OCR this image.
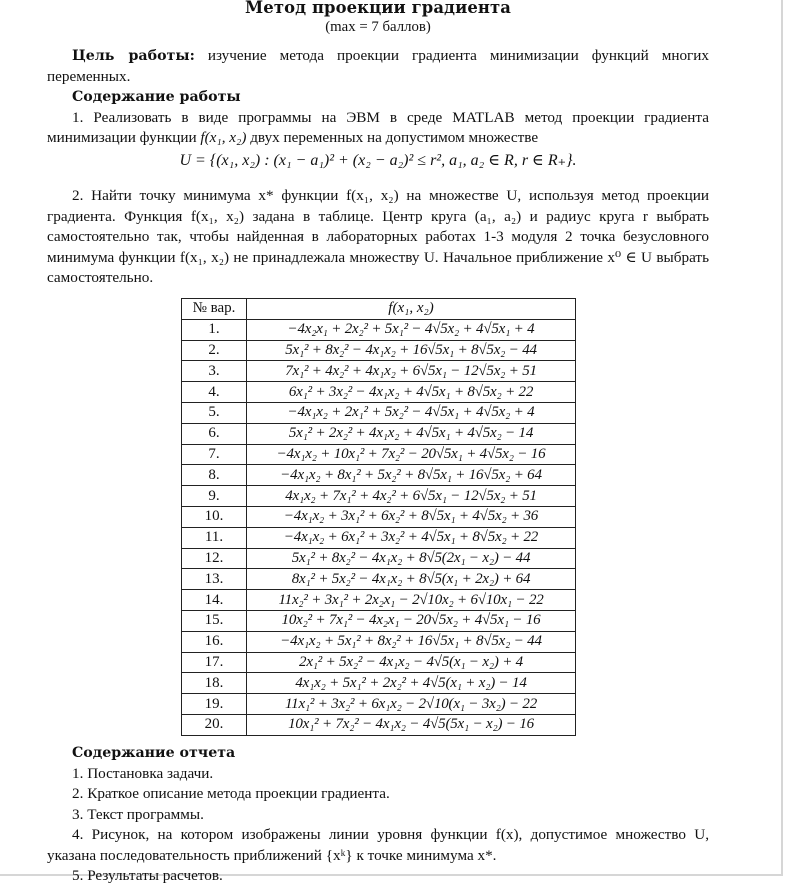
Метод проекции градиента
(max = 7 баллов)

Цель работы: изучение метода проекции градиента минимизации функций многих переменных.

Содержание работы

1. Реализовать в виде программы на ЭВМ в среде MATLAB метод проекции градиента минимизации функции f(x₁, x₂) двух переменных на допустимом множестве

U = {(x₁, x₂) : (x₁ − a₁)² + (x₂ − a₂)² ≤ r², a₁, a₂ ∈ R, r ∈ R₊}.

2. Найти точку минимума x* функции f(x₁, x₂) на множестве U, используя метод проекции градиента. Функция f(x₁, x₂) задана в таблице. Центр круга (a₁, a₂) и радиус круга r выбрать самостоятельно так, чтобы найденная в лабораторных работах 1-3 модуля 2 точка безусловного минимума функции f(x₁, x₂) не принадлежала множеству U. Начальное приближение x⁰ ∈ U выбрать самостоятельно.

№ вар.	f(x₁, x₂)
1.	−4x₂x₁ + 2x₂² + 5x₁² − 4√5x₂ + 4√5x₁ + 4
2.	5x₁² + 8x₂² − 4x₁x₂ + 16√5x₁ + 8√5x₂ − 44
3.	7x₁² + 4x₂² + 4x₁x₂ + 6√5x₁ − 12√5x₂ + 51
4.	6x₁² + 3x₂² − 4x₁x₂ + 4√5x₁ + 8√5x₂ + 22
5.	−4x₁x₂ + 2x₁² + 5x₂² − 4√5x₁ + 4√5x₂ + 4
6.	5x₁² + 2x₂² + 4x₁x₂ + 4√5x₁ + 4√5x₂ − 14
7.	−4x₁x₂ + 10x₁² + 7x₂² − 20√5x₁ + 4√5x₂ − 16
8.	−4x₁x₂ + 8x₁² + 5x₂² + 8√5x₁ + 16√5x₂ + 64
9.	4x₁x₂ + 7x₁² + 4x₂² + 6√5x₁ − 12√5x₂ + 51
10.	−4x₁x₂ + 3x₁² + 6x₂² + 8√5x₁ + 4√5x₂ + 36
11.	−4x₁x₂ + 6x₁² + 3x₂² + 4√5x₁ + 8√5x₂ + 22
12.	5x₁² + 8x₂² − 4x₁x₂ + 8√5(2x₁ − x₂) − 44
13.	8x₁² + 5x₂² − 4x₁x₂ + 8√5(x₁ + 2x₂) + 64
14.	11x₂² + 3x₁² + 2x₂x₁ − 2√10x₂ + 6√10x₁ − 22
15.	10x₂² + 7x₁² − 4x₂x₁ − 20√5x₂ + 4√5x₁ − 16
16.	−4x₁x₂ + 5x₁² + 8x₂² + 16√5x₁ + 8√5x₂ − 44
17.	2x₁² + 5x₂² − 4x₁x₂ − 4√5(x₁ − x₂) + 4
18.	4x₁x₂ + 5x₁² + 2x₂² + 4√5(x₁ + x₂) − 14
19.	11x₁² + 3x₂² + 6x₁x₂ − 2√10(x₁ − 3x₂) − 22
20.	10x₁² + 7x₂² − 4x₁x₂ − 4√5(5x₁ − x₂) − 16

Содержание отчета

1. Постановка задачи.

2. Краткое описание метода проекции градиента.

3. Текст программы.

4. Рисунок, на котором изображены линии уровня функции f(x), допустимое множество U, указана последовательность приближений {xᵏ} к точке минимума x*.

5. Результаты расчетов.
